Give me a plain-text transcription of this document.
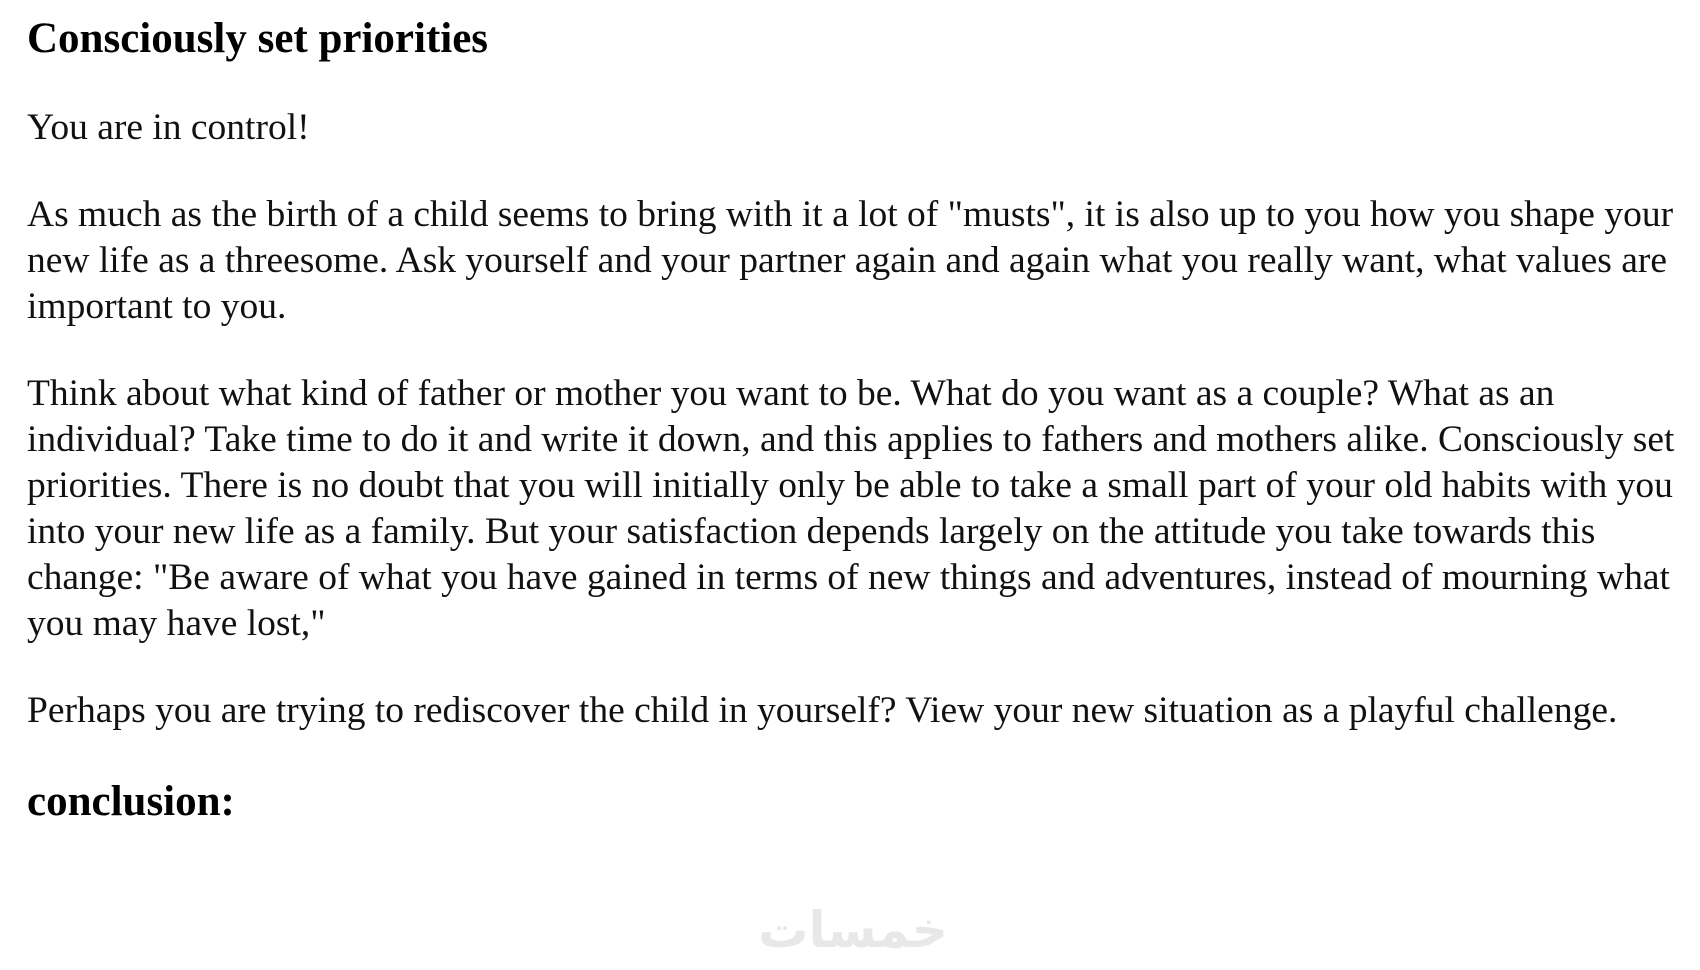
Consciously set priorities

You are in control!

As much as the birth of a child seems to bring with it a lot of "musts", it is also up to you how you shape your new life as a threesome. Ask yourself and your partner again and again what you really want, what values are important to you.

Think about what kind of father or mother you want to be. What do you want as a couple? What as an individual? Take time to do it and write it down, and this applies to fathers and mothers alike. Consciously set priorities. There is no doubt that you will initially only be able to take a small part of your old habits with you into your new life as a family. But your satisfaction depends largely on the attitude you take towards this change: "Be aware of what you have gained in terms of new things and adventures, instead of mourning what you may have lost,"

Perhaps you are trying to rediscover the child in yourself? View your new situation as a playful challenge.

conclusion:
خمسات
